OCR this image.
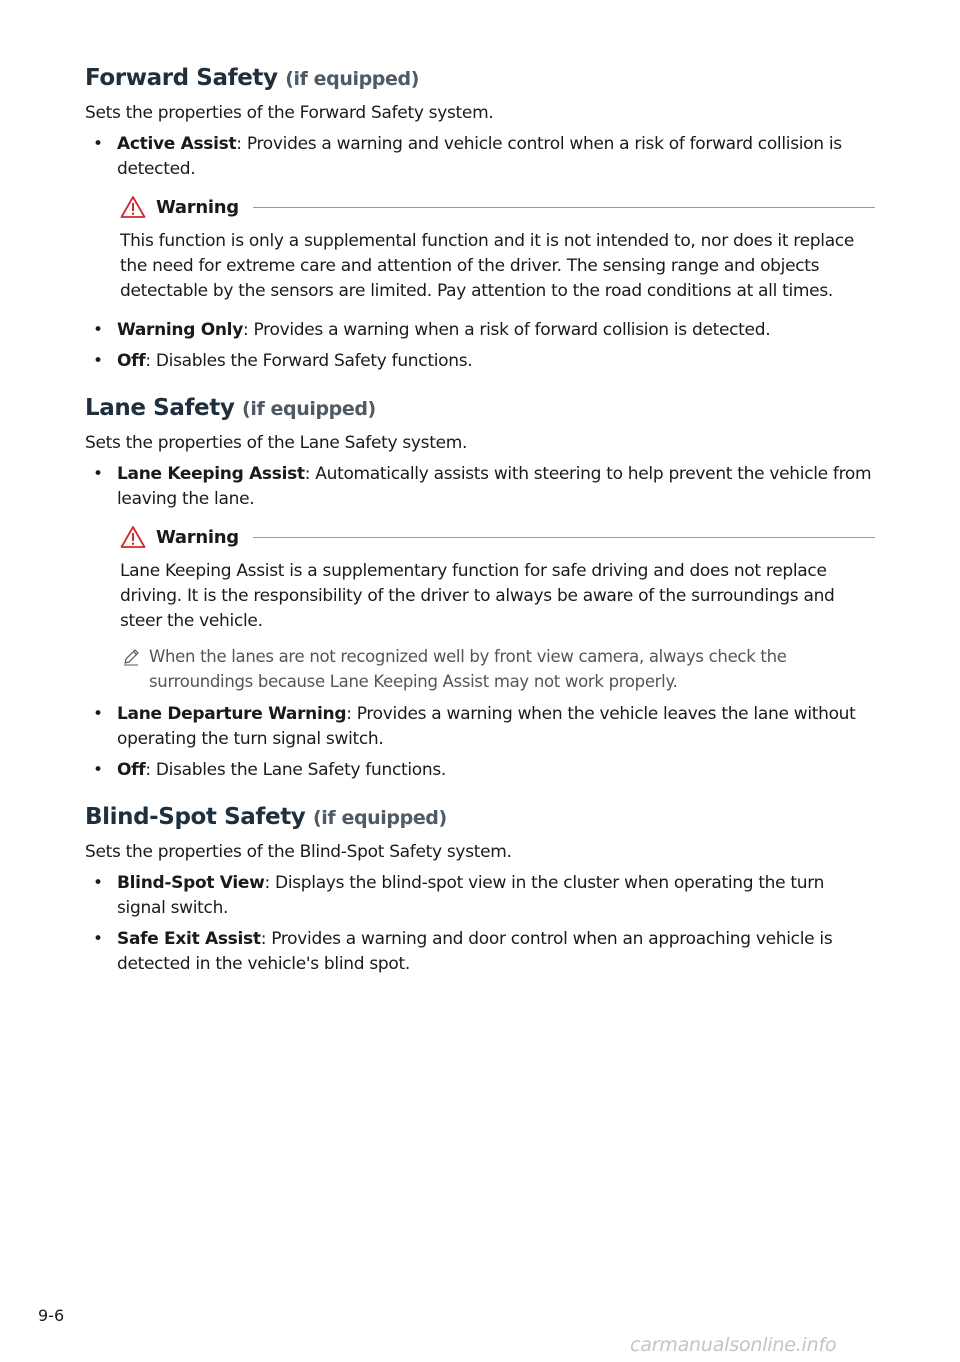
Forward Safety (if equipped)

Sets the properties of the Forward Safety system.

• Active Assist: Provides a warning and vehicle control when a risk of forward collision is detected.
Warning

This function is only a supplemental function and it is not intended to, nor does it replace the need for extreme care and attention of the driver. The sensing range and objects detectable by the sensors are limited. Pay attention to the road conditions at all times.

• Warning Only: Provides a warning when a risk of forward collision is detected.
• Off: Disables the Forward Safety functions.
Lane Safety (if equipped)

Sets the properties of the Lane Safety system.

• Lane Keeping Assist: Automatically assists with steering to help prevent the vehicle from leaving the lane.
Warning

Lane Keeping Assist is a supplementary function for safe driving and does not replace driving. It is the responsibility of the driver to always be aware of the surroundings and steer the vehicle.

When the lanes are not recognized well by front view camera, always check the surroundings because Lane Keeping Assist may not work properly.
• Lane Departure Warning: Provides a warning when the vehicle leaves the lane without operating the turn signal switch.
• Off: Disables the Lane Safety functions.
Blind-Spot Safety (if equipped)

Sets the properties of the Blind-Spot Safety system.

• Blind-Spot View: Displays the blind-spot view in the cluster when operating the turn signal switch.
• Safe Exit Assist: Provides a warning and door control when an approaching vehicle is detected in the vehicle's blind spot.
9-6
carmanualsonline.info
